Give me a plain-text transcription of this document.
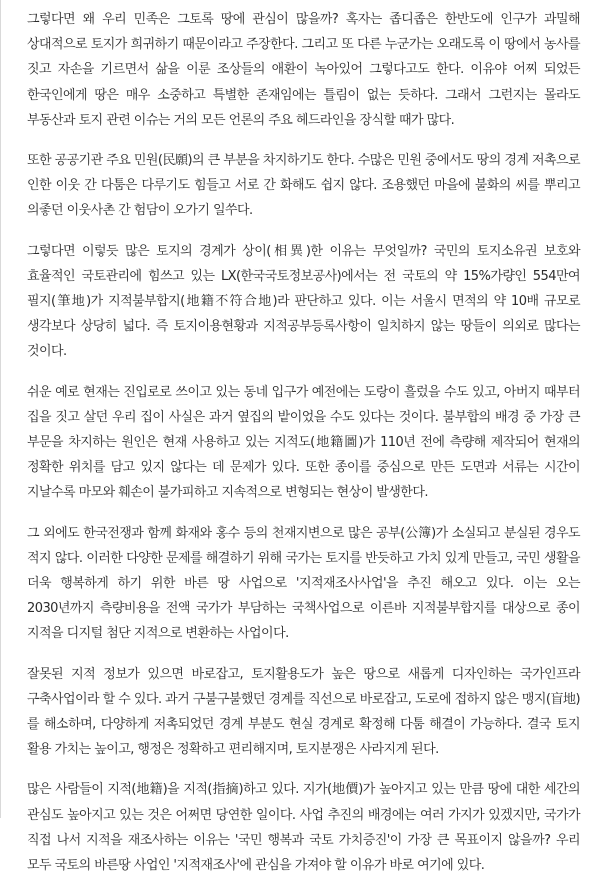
그렇다면 왜 우리 민족은 그토록 땅에 관심이 많을까? 혹자는 좁디좁은 한반도에 인구가 과밀해 상대적으로 토지가 희귀하기 때문이라고 주장한다. 그리고 또 다른 누군가는 오래도록 이 땅에서 농사를 짓고 자손을 기르면서 삶을 이룬 조상들의 애환이 녹아있어 그렇다고도 한다. 이유야 어찌 되었든 한국인에게 땅은 매우 소중하고 특별한 존재임에는 틀림이 없는 듯하다. 그래서 그런지는 몰라도 부동산과 토지 관련 이슈는 거의 모든 언론의 주요 헤드라인을 장식할 때가 많다.

또한 공공기관 주요 민원(民願)의 큰 부분을 차지하기도 한다. 수많은 민원 중에서도 땅의 경계 저촉으로 인한 이웃 간 다툼은 다루기도 힘들고 서로 간 화해도 쉽지 않다. 조용했던 마을에 불화의 씨를 뿌리고 의좋던 이웃사촌 간 험담이 오가기 일쑤다.

그렇다면 이렇듯 많은 토지의 경계가 상이(相異)한 이유는 무엇일까? 국민의 토지소유권 보호와 효율적인 국토관리에 힘쓰고 있는 LX(한국국토정보공사)에서는 전 국토의 약 15%가량인 554만여 필지(筆地)가 지적불부합지(地籍不符合地)라 판단하고 있다. 이는 서울시 면적의 약 10배 규모로 생각보다 상당히 넓다. 즉 토지이용현황과 지적공부등록사항이 일치하지 않는 땅들이 의외로 많다는 것이다.

쉬운 예로 현재는 진입로로 쓰이고 있는 동네 입구가 예전에는 도랑이 흘렀을 수도 있고, 아버지 때부터 집을 짓고 살던 우리 집이 사실은 과거 옆집의 밭이었을 수도 있다는 것이다. 불부합의 배경 중 가장 큰 부문을 차지하는 원인은 현재 사용하고 있는 지적도(地籍圖)가 110년 전에 측량해 제작되어 현재의 정확한 위치를 담고 있지 않다는 데 문제가 있다. 또한 종이를 중심으로 만든 도면과 서류는 시간이 지날수록 마모와 훼손이 불가피하고 지속적으로 변형되는 현상이 발생한다.

그 외에도 한국전쟁과 함께 화재와 홍수 등의 천재지변으로 많은 공부(公簿)가 소실되고 분실된 경우도 적지 않다. 이러한 다양한 문제를 해결하기 위해 국가는 토지를 반듯하고 가치 있게 만들고, 국민 생활을 더욱 행복하게 하기 위한 바른 땅 사업으로 '지적재조사사업'을 추진 해오고 있다. 이는 오는 2030년까지 측량비용을 전액 국가가 부담하는 국책사업으로 이른바 지적불부합지를 대상으로 종이 지적을 디지털 첨단 지적으로 변환하는 사업이다.

잘못된 지적 정보가 있으면 바로잡고, 토지활용도가 높은 땅으로 새롭게 디자인하는 국가인프라 구축사업이라 할 수 있다. 과거 구불구불했던 경계를 직선으로 바로잡고, 도로에 접하지 않은 맹지(盲地)를 해소하며, 다양하게 저촉되었던 경계 부분도 현실 경계로 확정해 다툼 해결이 가능하다. 결국 토지 활용 가치는 높이고, 행정은 정확하고 편리해지며, 토지분쟁은 사라지게 된다.

많은 사람들이 지적(地籍)을 지적(指摘)하고 있다. 지가(地價)가 높아지고 있는 만큼 땅에 대한 세간의 관심도 높아지고 있는 것은 어쩌면 당연한 일이다. 사업 추진의 배경에는 여러 가지가 있겠지만, 국가가 직접 나서 지적을 재조사하는 이유는 '국민 행복과 국토 가치증진'이 가장 큰 목표이지 않을까? 우리 모두 국토의 바른땅 사업인 '지적재조사'에 관심을 가져야 할 이유가 바로 여기에 있다.
